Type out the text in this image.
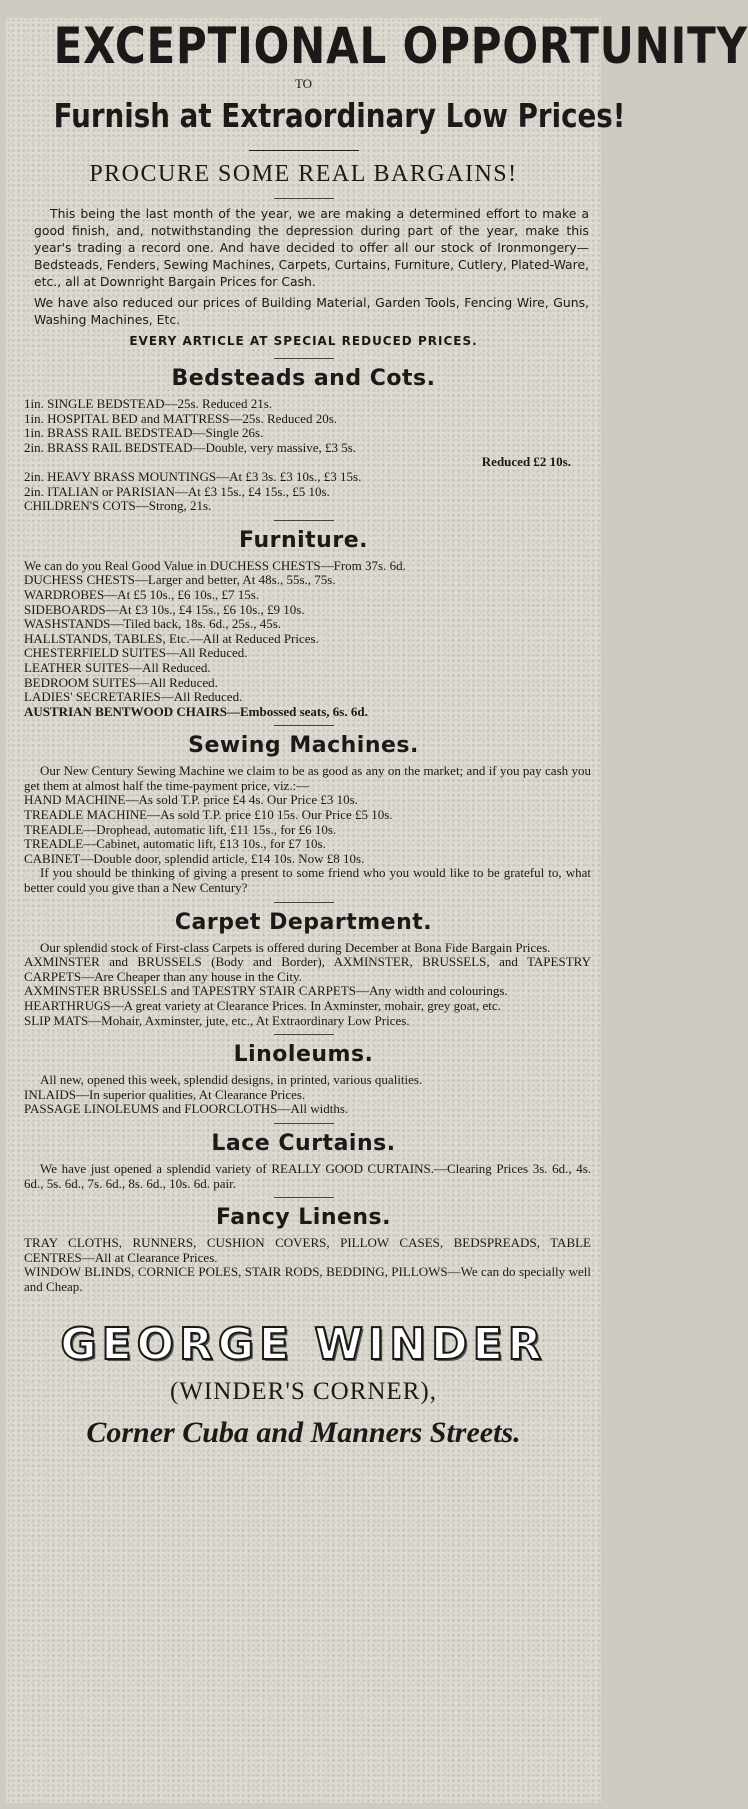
EXCEPTIONAL OPPORTUNITY
TO
Furnish at Extraordinary Low Prices!
PROCURE SOME REAL BARGAINS!

This being the last month of the year, we are making a determined effort to make a good finish, and, notwithstanding the depression during part of the year, make this year's trading a record one. And have decided to offer all our stock of Ironmongery—Bedsteads, Fenders, Sewing Machines, Carpets, Curtains, Furniture, Cutlery, Plated-Ware, etc., all at Downright Bargain Prices for Cash.

We have also reduced our prices of Building Material, Garden Tools, Fencing Wire, Guns, Washing Machines, Etc.

EVERY ARTICLE AT SPECIAL REDUCED PRICES.
Bedsteads and Cots.
1in. SINGLE BEDSTEAD—25s. Reduced 21s.
1in. HOSPITAL BED and MATTRESS—25s. Reduced 20s.
1in. BRASS RAIL BEDSTEAD—Single 26s.
2in. BRASS RAIL BEDSTEAD—Double, very massive, £3 5s.
Reduced £2 10s.
2in. HEAVY BRASS MOUNTINGS—At £3 3s. £3 10s., £3 15s.
2in. ITALIAN or PARISIAN—At £3 15s., £4 15s., £5 10s.
CHILDREN'S COTS—Strong, 21s.
Furniture.
We can do you Real Good Value in DUCHESS CHESTS—From 37s. 6d.
DUCHESS CHESTS—Larger and better, At 48s., 55s., 75s.
WARDROBES—At £5 10s., £6 10s., £7 15s.
SIDEBOARDS—At £3 10s., £4 15s., £6 10s., £9 10s.
WASHSTANDS—Tiled back, 18s. 6d., 25s., 45s.
HALLSTANDS, TABLES, Etc.—All at Reduced Prices.
CHESTERFIELD SUITES—All Reduced.
LEATHER SUITES—All Reduced.
BEDROOM SUITES—All Reduced.
LADIES' SECRETARIES—All Reduced.
AUSTRIAN BENTWOOD CHAIRS—Embossed seats, 6s. 6d.
Sewing Machines.

Our New Century Sewing Machine we claim to be as good as any on the market; and if you pay cash you get them at almost half the time-payment price, viz.:—

HAND MACHINE—As sold T.P. price £4 4s. Our Price £3 10s.
TREADLE MACHINE—As sold T.P. price £10 15s. Our Price £5 10s.
TREADLE—Drophead, automatic lift, £11 15s., for £6 10s.
TREADLE—Cabinet, automatic lift, £13 10s., for £7 10s.
CABINET—Double door, splendid article, £14 10s. Now £8 10s.

If you should be thinking of giving a present to some friend who you would like to be grateful to, what better could you give than a New Century?

Carpet Department.

Our splendid stock of First-class Carpets is offered during December at Bona Fide Bargain Prices.

AXMINSTER and BRUSSELS (Body and Border), AXMINSTER, BRUSSELS, and TAPESTRY CARPETS—Are Cheaper than any house in the City.

AXMINSTER BRUSSELS and TAPESTRY STAIR CARPETS—Any width and colourings.

HEARTHRUGS—A great variety at Clearance Prices. In Axminster, mohair, grey goat, etc.

SLIP MATS—Mohair, Axminster, jute, etc., At Extraordinary Low Prices.

Linoleums.

All new, opened this week, splendid designs, in printed, various qualities.

INLAIDS—In superior qualities, At Clearance Prices.

PASSAGE LINOLEUMS and FLOORCLOTHS—All widths.

Lace Curtains.

We have just opened a splendid variety of REALLY GOOD CURTAINS.—Clearing Prices 3s. 6d., 4s. 6d., 5s. 6d., 7s. 6d., 8s. 6d., 10s. 6d. pair.

Fancy Linens.

TRAY CLOTHS, RUNNERS, CUSHION COVERS, PILLOW CASES, BEDSPREADS, TABLE CENTRES—All at Clearance Prices.

WINDOW BLINDS, CORNICE POLES, STAIR RODS, BEDDING, PILLOWS—We can do specially well and Cheap.

GEORGE WINDER
(WINDER'S CORNER),
Corner Cuba and Manners Streets.
